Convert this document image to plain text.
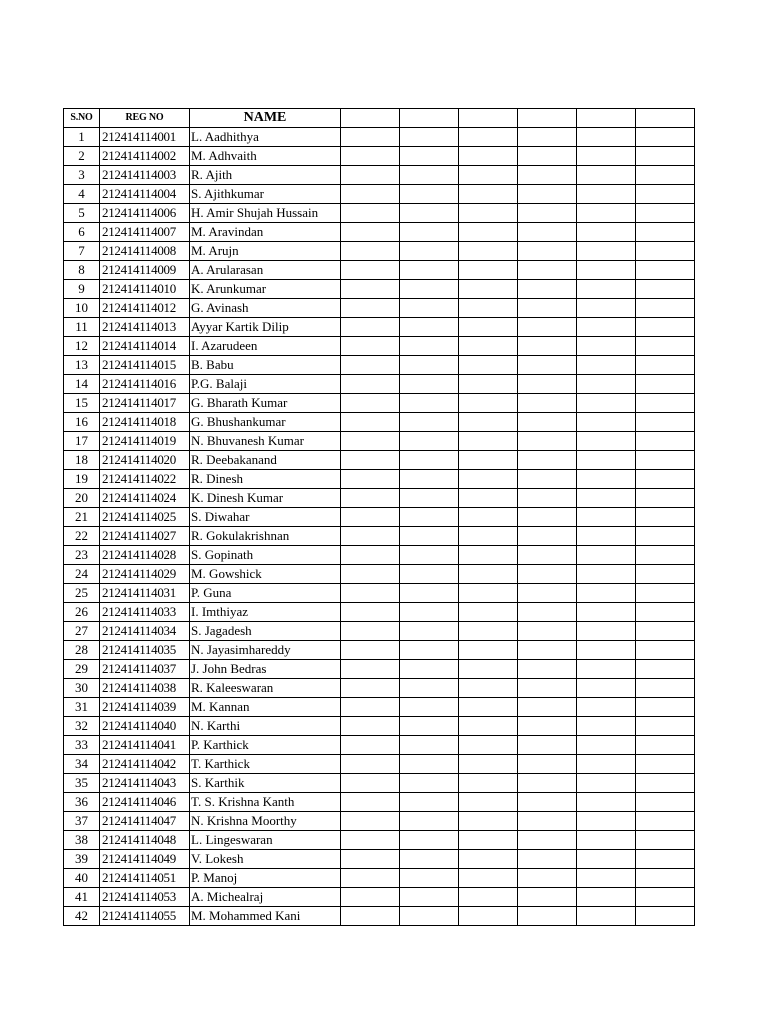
S.NO	REG NO	NAME						
1	212414114001	L. Aadhithya						
2	212414114002	M. Adhvaith						
3	212414114003	R. Ajith						
4	212414114004	S. Ajithkumar						
5	212414114006	H. Amir Shujah Hussain						
6	212414114007	M. Aravindan						
7	212414114008	M. Arujn						
8	212414114009	A. Arularasan						
9	212414114010	K. Arunkumar						
10	212414114012	G. Avinash						
11	212414114013	Ayyar Kartik Dilip						
12	212414114014	I. Azarudeen						
13	212414114015	B. Babu						
14	212414114016	P.G. Balaji						
15	212414114017	G. Bharath Kumar						
16	212414114018	G. Bhushankumar						
17	212414114019	N. Bhuvanesh Kumar						
18	212414114020	R. Deebakanand						
19	212414114022	R. Dinesh						
20	212414114024	K. Dinesh Kumar						
21	212414114025	S. Diwahar						
22	212414114027	R. Gokulakrishnan						
23	212414114028	S. Gopinath						
24	212414114029	M. Gowshick						
25	212414114031	P. Guna						
26	212414114033	I. Imthiyaz						
27	212414114034	S. Jagadesh						
28	212414114035	N. Jayasimhareddy						
29	212414114037	J. John Bedras						
30	212414114038	R. Kaleeswaran						
31	212414114039	M. Kannan						
32	212414114040	N. Karthi						
33	212414114041	P. Karthick						
34	212414114042	T. Karthick						
35	212414114043	S. Karthik						
36	212414114046	T. S. Krishna Kanth						
37	212414114047	N. Krishna Moorthy						
38	212414114048	L. Lingeswaran						
39	212414114049	V. Lokesh						
40	212414114051	P. Manoj						
41	212414114053	A. Michealraj						
42	212414114055	M. Mohammed Kani						
